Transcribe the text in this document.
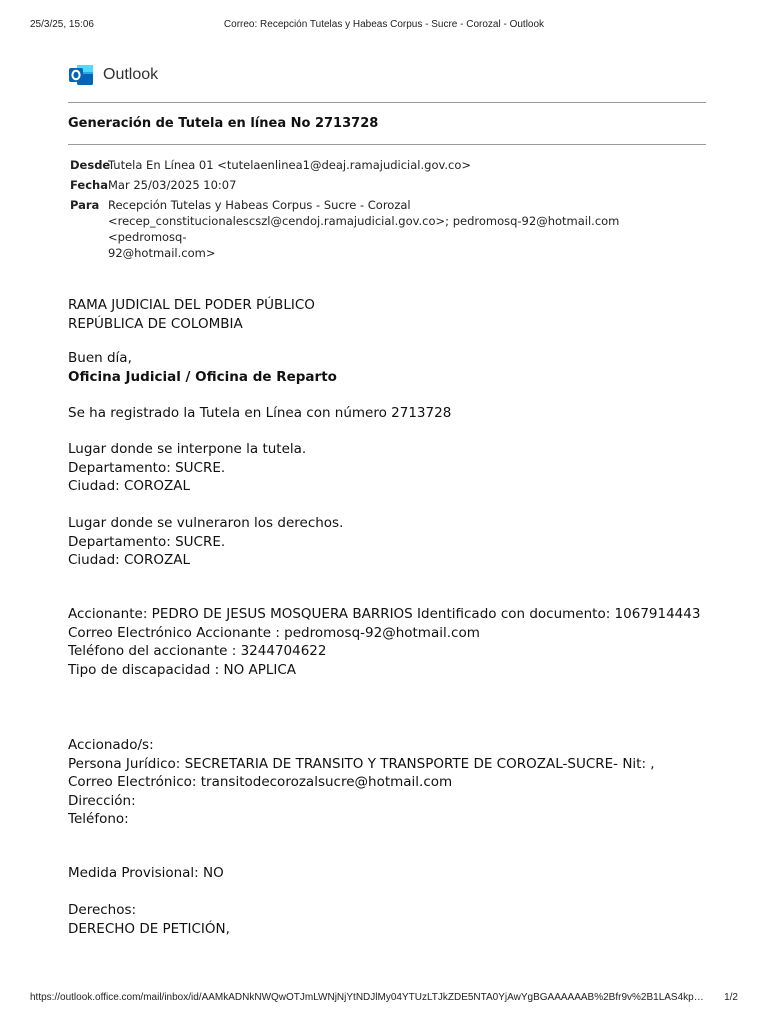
25/3/25, 15:06	Correo: Recepción Tutelas y Habeas Corpus - Sucre - Corozal - Outlook
Outlook
Generación de Tutela en línea No 2713728
Desde
Tutela En Línea 01 <tutelaenlinea1@deaj.ramajudicial.gov.co>
Fecha Mar 25/03/2025 10:07
Para Recepción Tutelas y Habeas Corpus - Sucre - Corozal
<recep_constitucionalescszl@cendoj.ramajudicial.gov.co>; pedromosq-92@hotmail.com <pedromosq-
92@hotmail.com>
RAMA JUDICIAL DEL PODER PÚBLICO
REPÚBLICA DE COLOMBIA
Buen día,
Oficina Judicial / Oficina de Reparto
Se ha registrado la Tutela en Línea con número 2713728
Lugar donde se interpone la tutela.
Departamento: SUCRE.
Ciudad: COROZAL
Lugar donde se vulneraron los derechos.
Departamento: SUCRE.
Ciudad: COROZAL
Accionante: PEDRO DE JESUS MOSQUERA BARRIOS Identificado con documento: 1067914443
Correo Electrónico Accionante : pedromosq-92@hotmail.com
Teléfono del accionante : 3244704622
Tipo de discapacidad : NO APLICA
Accionado/s:
Persona Jurídico: SECRETARIA DE TRANSITO Y TRANSPORTE DE COROZAL-SUCRE- Nit: ,
Correo Electrónico: transitodecorozalsucre@hotmail.com
Dirección:
Teléfono:
Medida Provisional: NO
Derechos:
DERECHO DE PETICIÓN,
https://outlook.office.com/mail/inbox/id/AAMkADNkNWQwOTJmLWNjNjYtNDJlMy04YTUzLTJkZDE5NTA0YjAwYgBGAAAAAAB%2Bfr9v%2B1LAS4kp…	1/2
